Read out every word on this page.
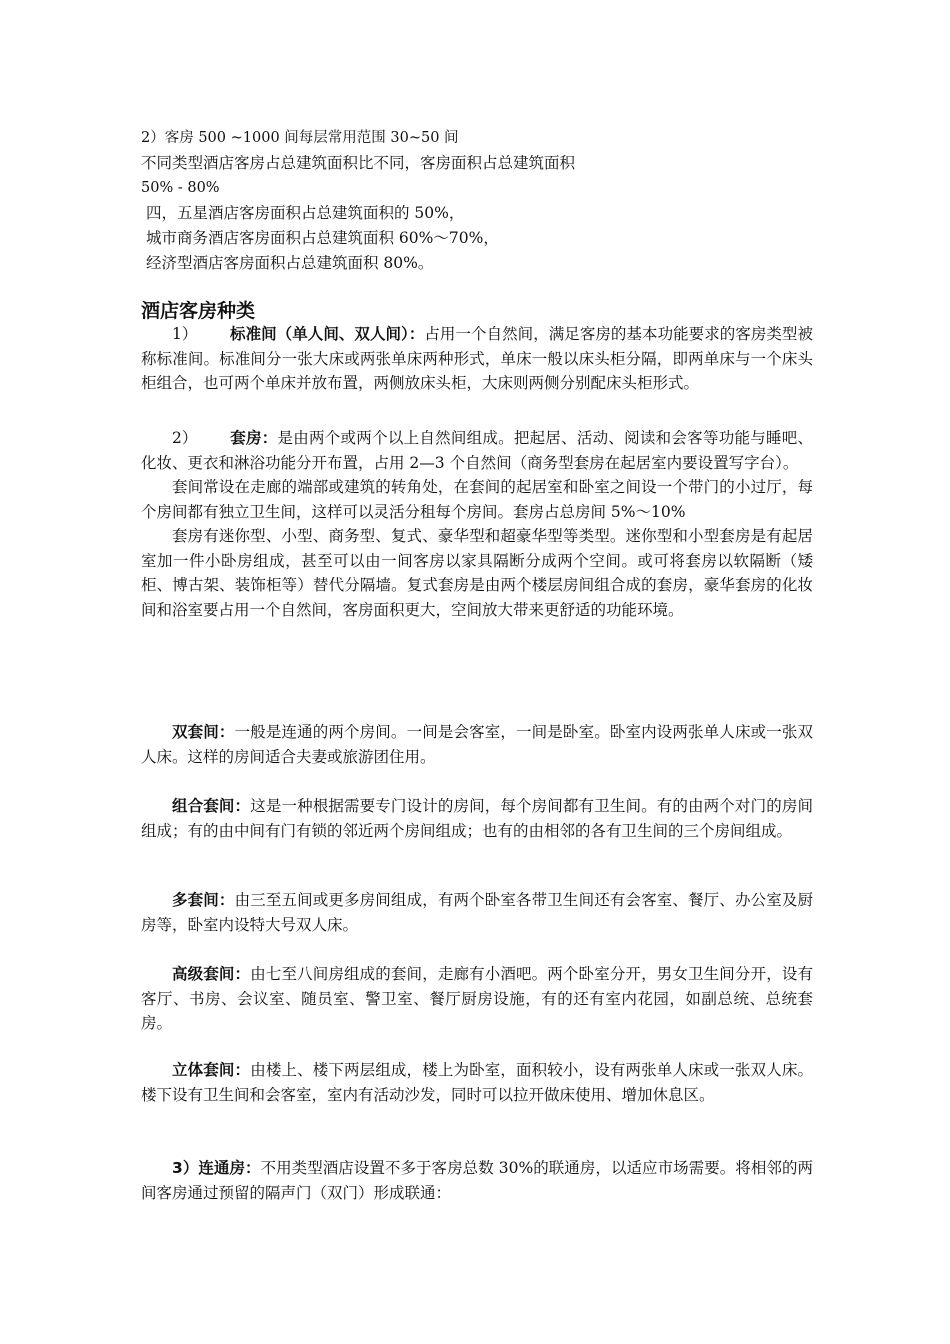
2）客房 500 ~1000 间每层常用范围 30~50 间
不同类型酒店客房占总建筑面积比不同，客房面积占总建筑面积
50% - 80%
四，五星酒店客房面积占总建筑面积的 50%，
城市商务酒店客房面积占总建筑面积 60%～70%，
经济型酒店客房面积占总建筑面积 80%。
酒店客房种类

1） 标准间（单人间、双人间）：占用一个自然间，满足客房的基本功能要求的客房类型被称标准间。标准间分一张大床或两张单床两种形式，单床一般以床头柜分隔，即两单床与一个床头柜组合，也可两个单床并放布置，两侧放床头柜，大床则两侧分别配床头柜形式。

2） 套房：是由两个或两个以上自然间组成。把起居、活动、阅读和会客等功能与睡吧、化妆、更衣和淋浴功能分开布置，占用 2—3 个自然间（商务型套房在起居室内要设置写字台）。

套间常设在走廊的端部或建筑的转角处，在套间的起居室和卧室之间设一个带门的小过厅，每个房间都有独立卫生间，这样可以灵活分租每个房间。套房占总房间 5%～10%

套房有迷你型、小型、商务型、复式、豪华型和超豪华型等类型。迷你型和小型套房是有起居室加一件小卧房组成，甚至可以由一间客房以家具隔断分成两个空间。或可将套房以软隔断（矮柜、博古架、装饰柜等）替代分隔墙。复式套房是由两个楼层房间组合成的套房，豪华套房的化妆间和浴室要占用一个自然间，客房面积更大，空间放大带来更舒适的功能环境。

双套间：一般是连通的两个房间。一间是会客室，一间是卧室。卧室内设两张单人床或一张双人床。这样的房间适合夫妻或旅游团住用。

组合套间：这是一种根据需要专门设计的房间，每个房间都有卫生间。有的由两个对门的房间组成；有的由中间有门有锁的邻近两个房间组成；也有的由相邻的各有卫生间的三个房间组成。

多套间：由三至五间或更多房间组成，有两个卧室各带卫生间还有会客室、餐厅、办公室及厨房等，卧室内设特大号双人床。

高级套间：由七至八间房组成的套间，走廊有小酒吧。两个卧室分开，男女卫生间分开，设有客厅、书房、会议室、随员室、警卫室、餐厅厨房设施，有的还有室内花园，如副总统、总统套房。

立体套间：由楼上、楼下两层组成，楼上为卧室，面积较小，设有两张单人床或一张双人床。楼下设有卫生间和会客室，室内有活动沙发，同时可以拉开做床使用、增加休息区。

3）连通房：不用类型酒店设置不多于客房总数 30%的联通房，以适应市场需要。将相邻的两间客房通过预留的隔声门（双门）形成联通：
